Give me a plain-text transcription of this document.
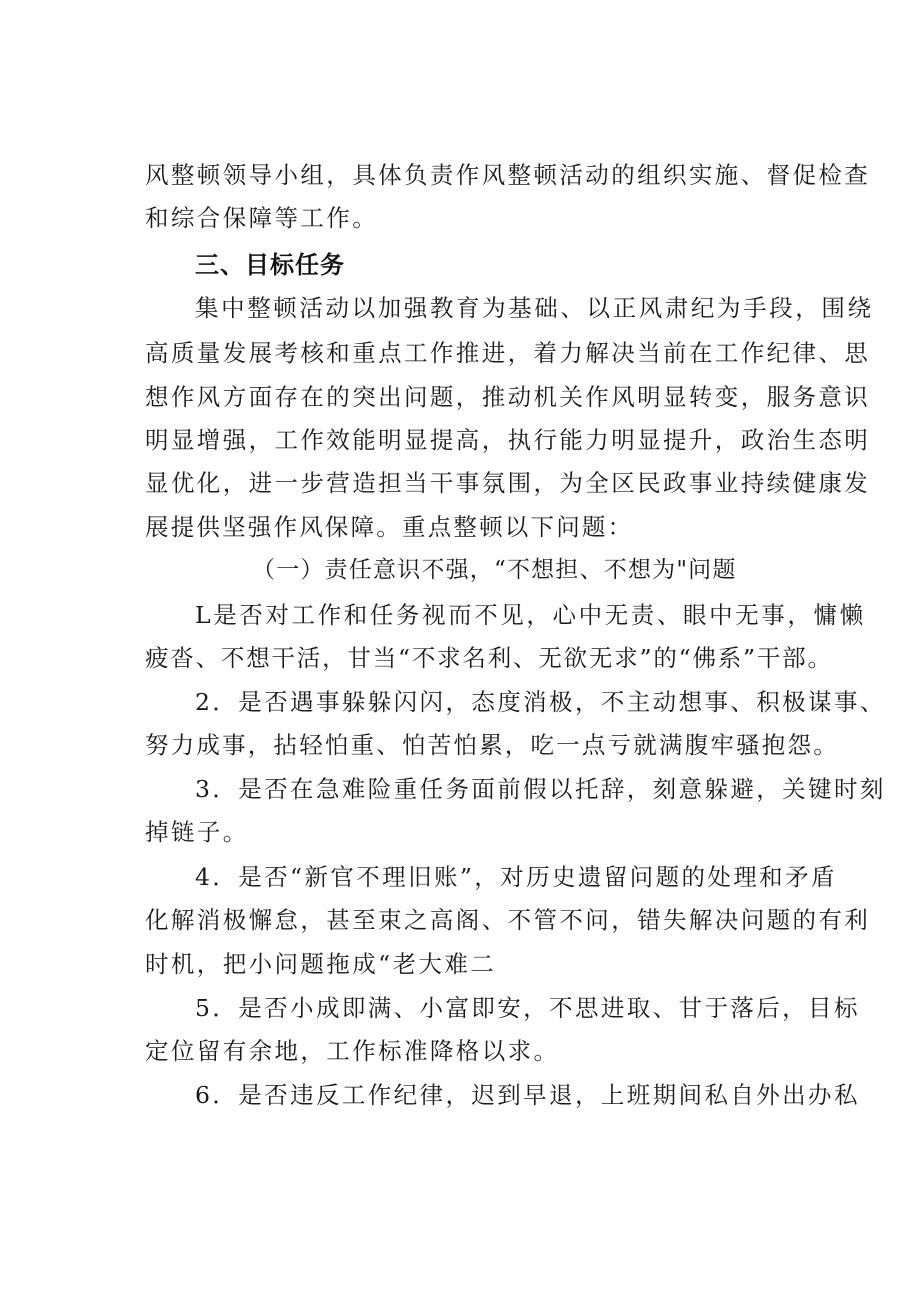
风整顿领导小组，具体负责作风整顿活动的组织实施、督促检查
和综合保障等工作。
三、目标任务
集中整顿活动以加强教育为基础、以正风肃纪为手段，围绕
高质量发展考核和重点工作推进，着力解决当前在工作纪律、思
想作风方面存在的突出问题，推动机关作风明显转变，服务意识
明显增强，工作效能明显提高，执行能力明显提升，政治生态明
显优化，进一步营造担当干事氛围，为全区民政事业持续健康发
展提供坚强作风保障。重点整顿以下问题：
（一）责任意识不强，“不想担、不想为"问题
L是否对工作和任务视而不见，心中无责、眼中无事，慵懒
疲沓、不想干活，甘当“不求名利、无欲无求”的“佛系”干部。
2．是否遇事躲躲闪闪，态度消极，不主动想事、积极谋事、
努力成事，拈轻怕重、怕苦怕累，吃一点亏就满腹牢骚抱怨。
3．是否在急难险重任务面前假以托辞，刻意躲避，关键时刻
掉链子。
4．是否“新官不理旧账”，对历史遗留问题的处理和矛盾
化解消极懈怠，甚至束之高阁、不管不问，错失解决问题的有利
时机，把小问题拖成“老大难二
5．是否小成即满、小富即安，不思进取、甘于落后，目标
定位留有余地，工作标准降格以求。
6．是否违反工作纪律，迟到早退，上班期间私自外出办私
